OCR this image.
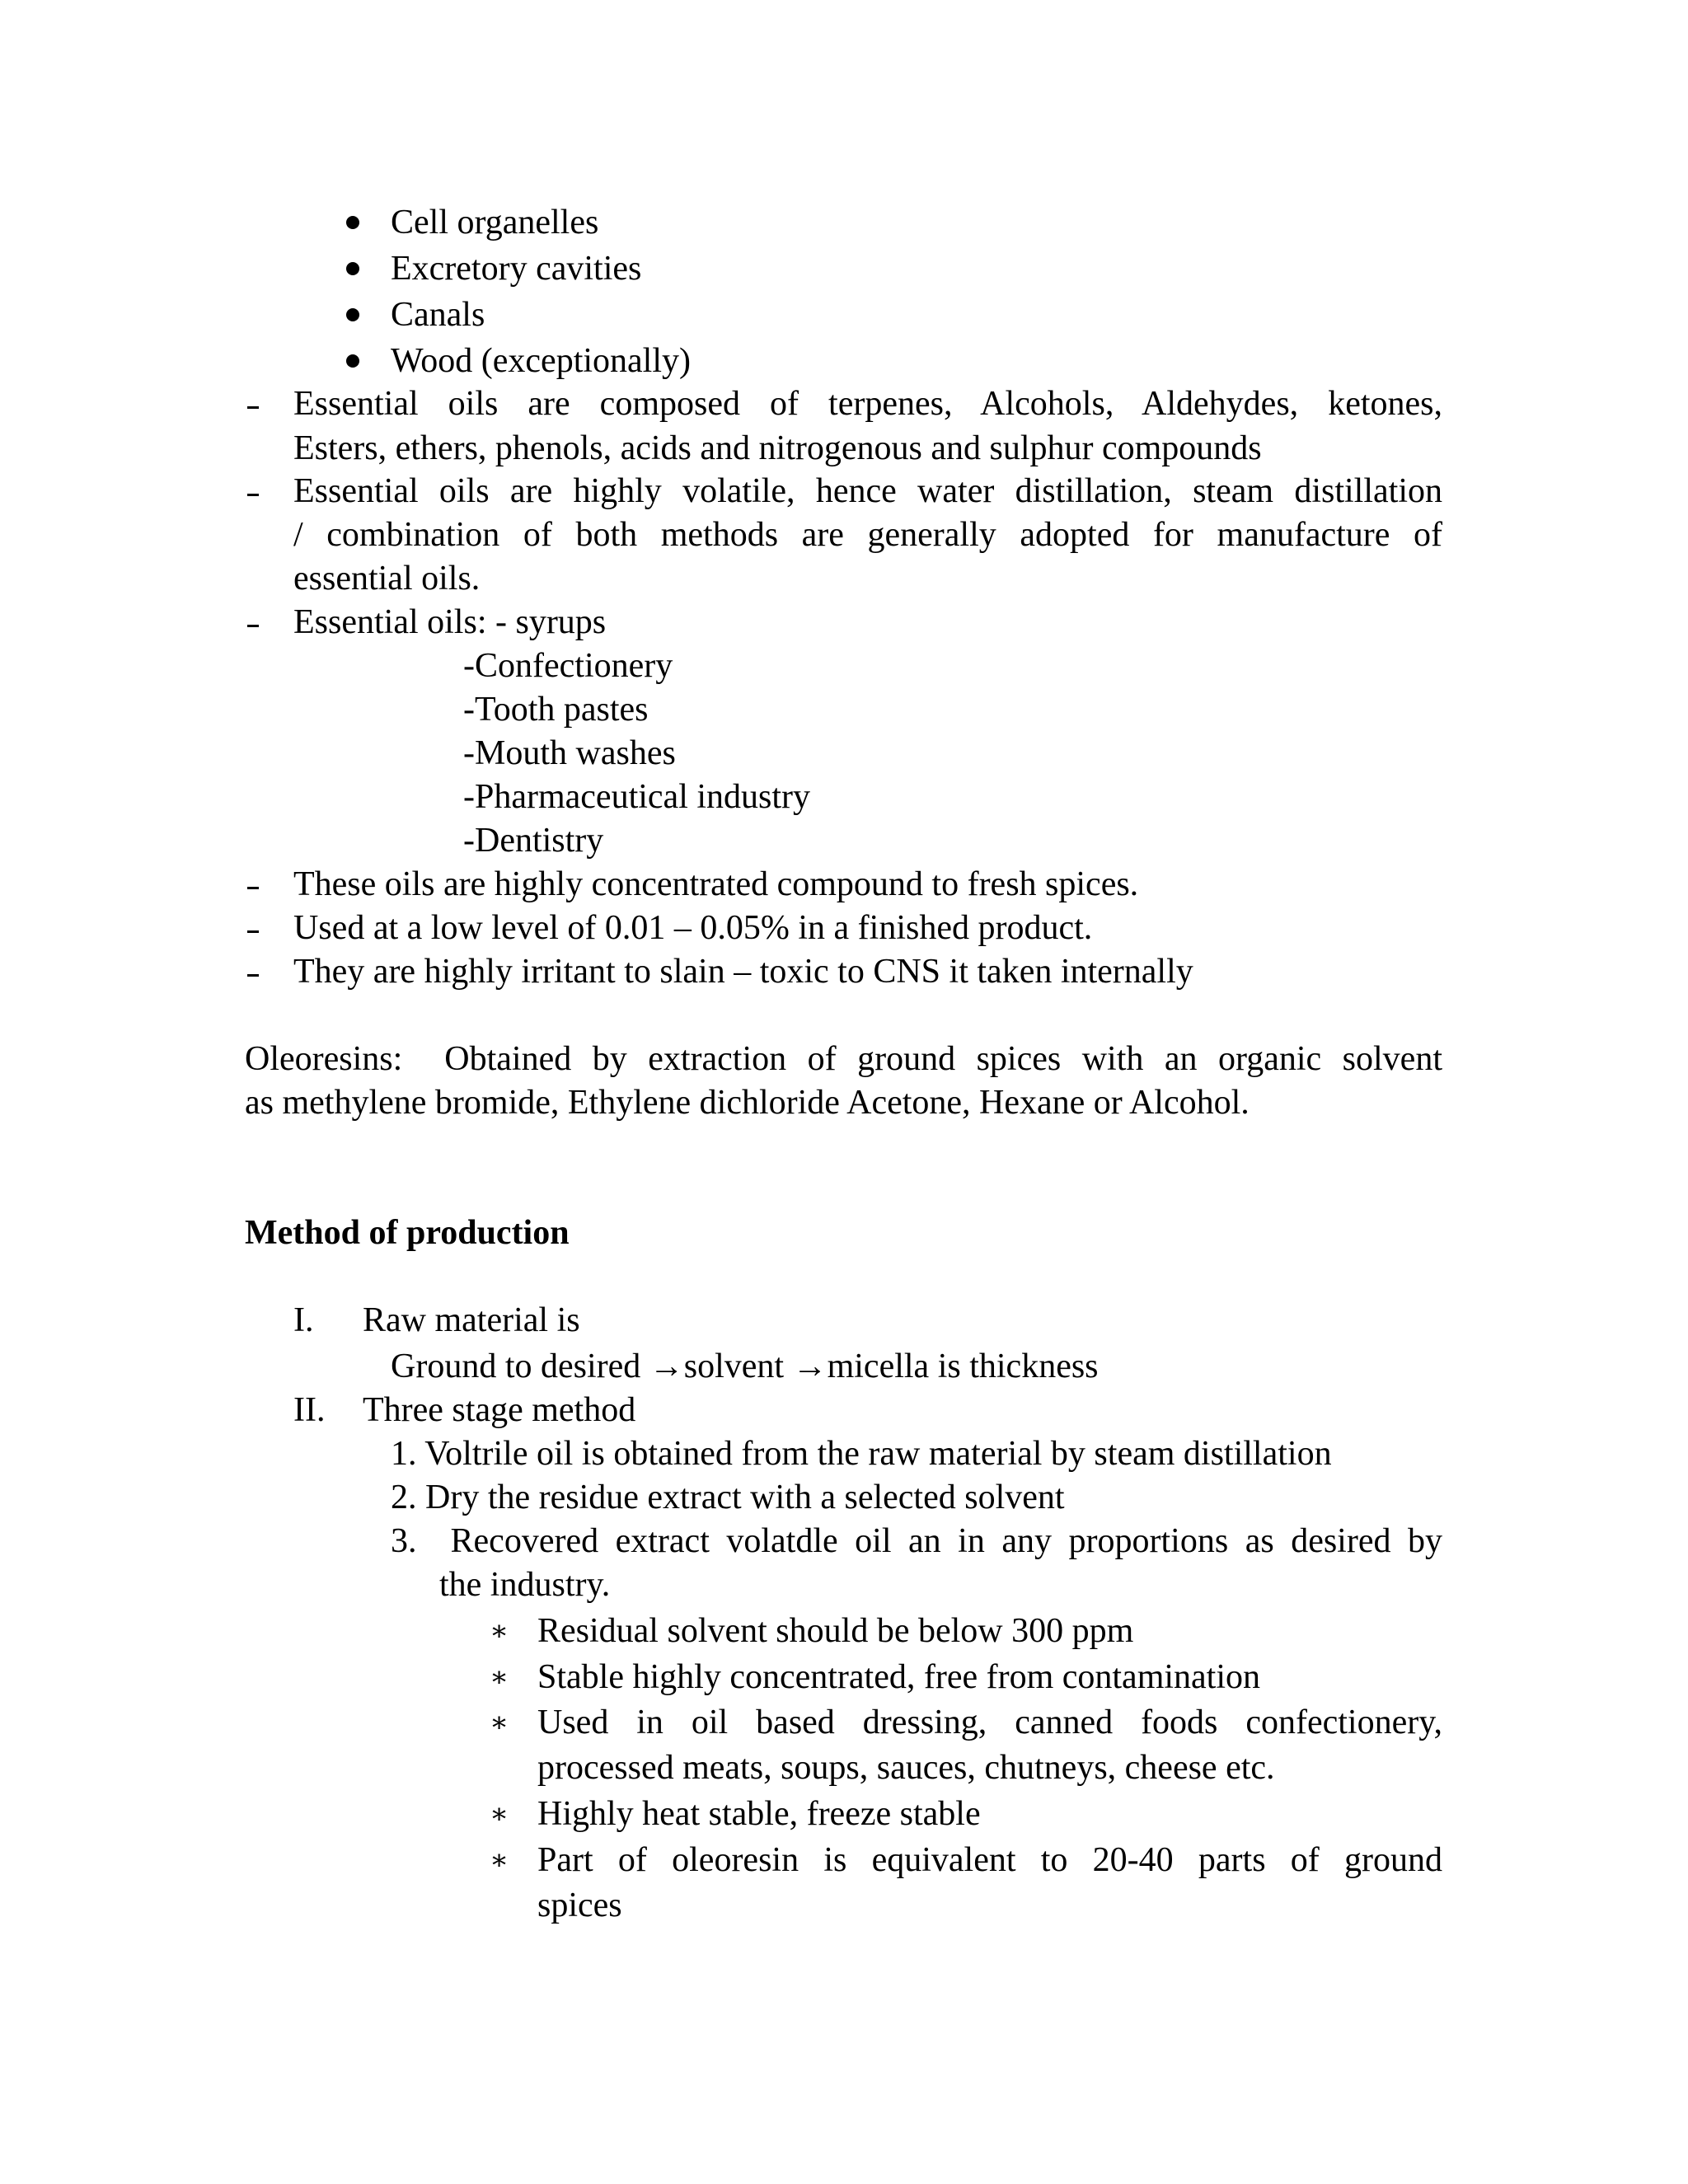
Cell organelles

Excretory cavities

Canals

Wood (exceptionally)

Essential oils are composed of terpenes, Alcohols, Aldehydes, ketones,

Esters, ethers, phenols, acids and nitrogenous and sulphur compounds

Essential oils are highly volatile, hence water distillation, steam distillation

/ combination of both methods are generally adopted for manufacture of

essential oils.

Essential oils: - syrups

-Confectionery

-Tooth pastes

-Mouth washes

-Pharmaceutical industry

-Dentistry

These oils are highly concentrated compound to fresh spices.

Used at a low level of 0.01 – 0.05% in a finished product.

They are highly irritant to slain – toxic to CNS it taken internally

Oleoresins:  Obtained by extraction of ground spices with an organic solvent

as methylene bromide, Ethylene dichloride Acetone, Hexane or Alcohol.

Method of production

I. Raw material is

Ground to desired →solvent →micella is thickness

II. Three stage method

1. Voltrile oil is obtained from the raw material by steam distillation

2. Dry the residue extract with a selected solvent

3.  Recovered extract volatdle oil an in any proportions as desired by

the industry.

∗ Residual solvent should be below 300 ppm

∗ Stable highly concentrated, free from contamination

∗ Used in oil based dressing, canned foods confectionery,

processed meats, soups, sauces, chutneys, cheese etc.

∗ Highly heat stable, freeze stable

∗ Part of oleoresin is equivalent to 20-40 parts of ground

spices
